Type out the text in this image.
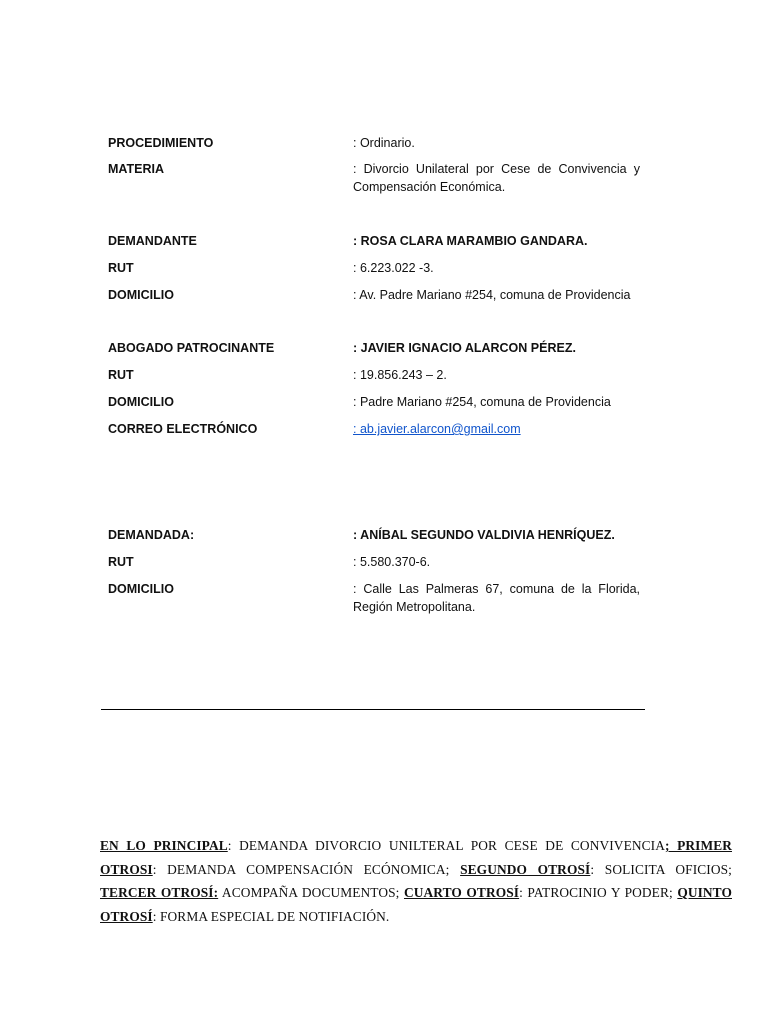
PROCEDIMIENTO	: Ordinario.
MATERIA	: Divorcio Unilateral por Cese de Convivencia y Compensación Económica.
DEMANDANTE	: ROSA CLARA MARAMBIO GANDARA.
RUT	: 6.223.022 -3.
DOMICILIO	: Av. Padre Mariano #254, comuna de Providencia
ABOGADO PATROCINANTE	: JAVIER IGNACIO ALARCON PÉREZ.
RUT	: 19.856.243 – 2.
DOMICILIO	: Padre Mariano #254, comuna de Providencia
CORREO ELECTRÓNICO	: ab.javier.alarcon@gmail.com
DEMANDADA:	: ANÍBAL SEGUNDO VALDIVIA HENRÍQUEZ.
RUT	: 5.580.370-6.
DOMICILIO	: Calle Las Palmeras 67, comuna de la Florida, Región Metropolitana.
EN LO PRINCIPAL: DEMANDA DIVORCIO UNILTERAL POR CESE DE CONVIVENCIA; PRIMER OTROSI: DEMANDA COMPENSACIÓN ECÓNOMICA; SEGUNDO OTROSÍ: SOLICITA OFICIOS; TERCER OTROSÍ: ACOMPAÑA DOCUMENTOS; CUARTO OTROSÍ: PATROCINIO Y PODER; QUINTO OTROSÍ: FORMA ESPECIAL DE NOTIFIACIÓN.
